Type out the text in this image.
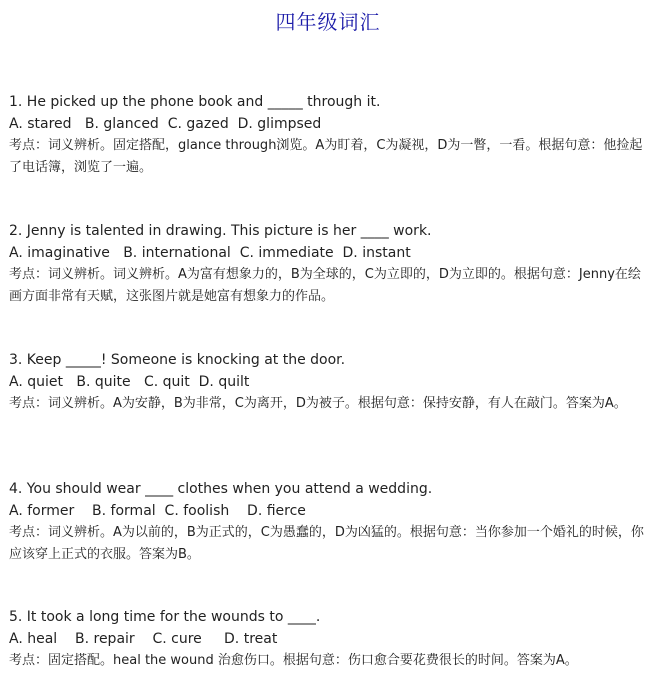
四年级词汇
1. He picked up the phone book and _____ through it.
A. stared   B. glanced  C. gazed  D. glimpsed
考点：词义辨析。固定搭配，glance through浏览。A为盯着，C为凝视，D为一瞥，一看。根据句意：他捡起了电话簿，浏览了一遍。
2. Jenny is talented in drawing. This picture is her ____ work.
A. imaginative   B. international  C. immediate  D. instant
考点：词义辨析。词义辨析。A为富有想象力的，B为全球的，C为立即的，D为立即的。根据句意：Jenny在绘画方面非常有天赋，这张图片就是她富有想象力的作品。
3. Keep _____! Someone is knocking at the door.
A. quiet   B. quite   C. quit  D. quilt
考点：词义辨析。A为安静，B为非常，C为离开，D为被子。根据句意：保持安静，有人在敲门。答案为A。
4. You should wear ____ clothes when you attend a wedding.
A. former    B. formal  C. foolish    D. fierce
考点：词义辨析。A为以前的，B为正式的，C为愚蠢的，D为凶猛的。根据句意：当你参加一个婚礼的时候，你应该穿上正式的衣服。答案为B。
5. It took a long time for the wounds to ____.
A. heal    B. repair    C. cure     D. treat
考点：固定搭配。heal the wound 治愈伤口。根据句意：伤口愈合要花费很长的时间。答案为A。
